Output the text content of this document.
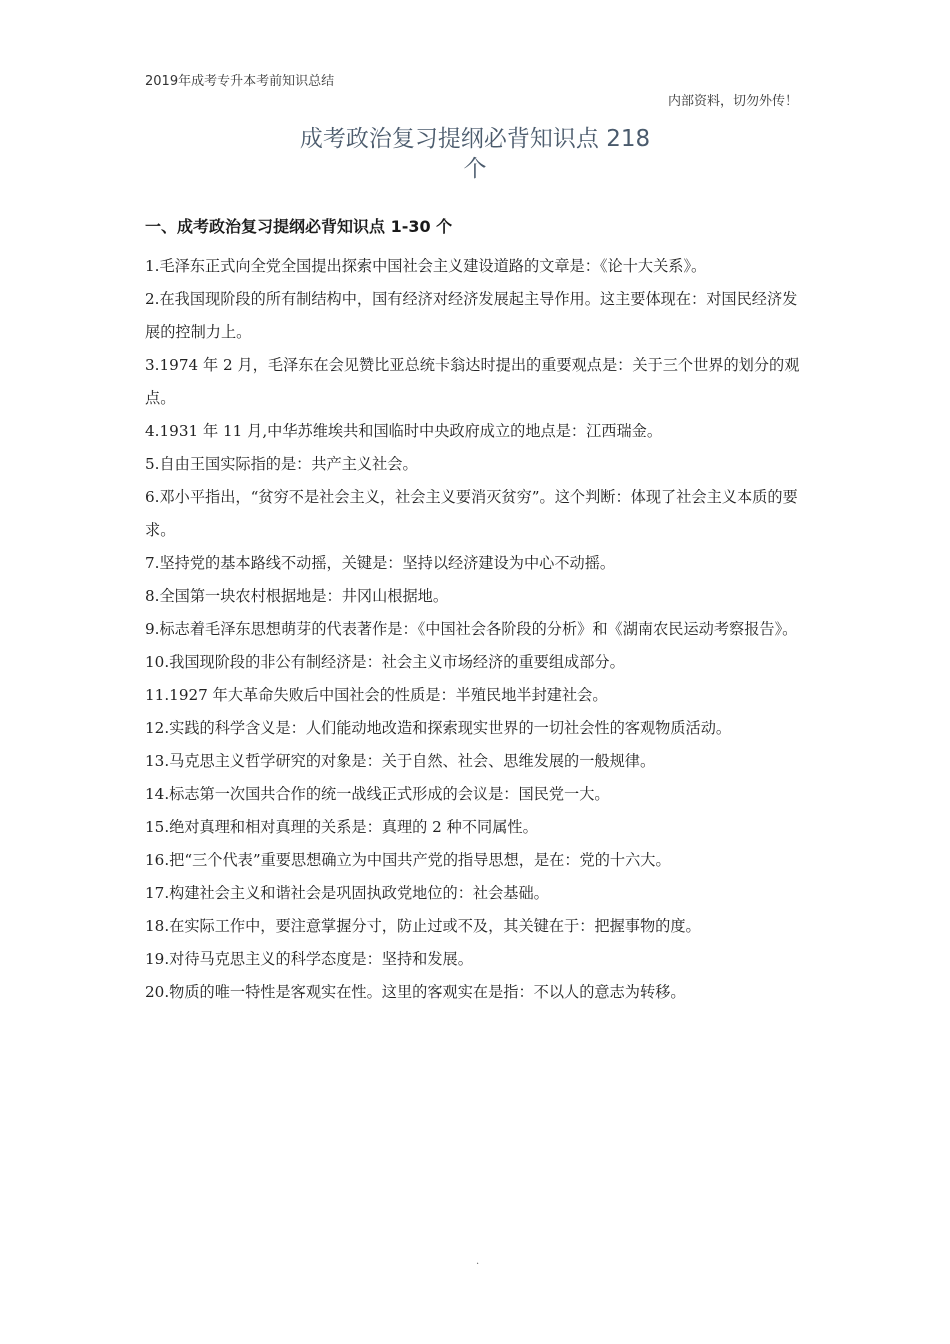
2019年成考专升本考前知识总结
内部资料，切勿外传！
成考政治复习提纲必背知识点 218
个
一、成考政治复习提纲必背知识点 1-30 个

1.毛泽东正式向全党全国提出探索中国社会主义建设道路的文章是：《论十大关系》。

2.在我国现阶段的所有制结构中，国有经济对经济发展起主导作用。这主要体现在：对国民经济发展的控制力上。

3.1974 年 2 月，毛泽东在会见赞比亚总统卡翁达时提出的重要观点是：关于三个世界的划分的观点。

4.1931 年 11 月,中华苏维埃共和国临时中央政府成立的地点是：江西瑞金。

5.自由王国实际指的是：共产主义社会。

6.邓小平指出，“贫穷不是社会主义，社会主义要消灭贫穷”。这个判断：体现了社会主义本质的要求。

7.坚持党的基本路线不动摇，关键是：坚持以经济建设为中心不动摇。

8.全国第一块农村根据地是：井冈山根据地。

9.标志着毛泽东思想萌芽的代表著作是：《中国社会各阶段的分析》和《湖南农民运动考察报告》。

10.我国现阶段的非公有制经济是：社会主义市场经济的重要组成部分。

11.1927 年大革命失败后中国社会的性质是：半殖民地半封建社会。

12.实践的科学含义是：人们能动地改造和探索现实世界的一切社会性的客观物质活动。

13.马克思主义哲学研究的对象是：关于自然、社会、思维发展的一般规律。

14.标志第一次国共合作的统一战线正式形成的会议是：国民党一大。

15.绝对真理和相对真理的关系是：真理的 2 种不同属性。

16.把“三个代表”重要思想确立为中国共产党的指导思想，是在：党的十六大。

17.构建社会主义和谐社会是巩固执政党地位的：社会基础。

18.在实际工作中，要注意掌握分寸，防止过或不及，其关键在于：把握事物的度。

19.对待马克思主义的科学态度是：坚持和发展。

20.物质的唯一特性是客观实在性。这里的客观实在是指：不以人的意志为转移。

.
